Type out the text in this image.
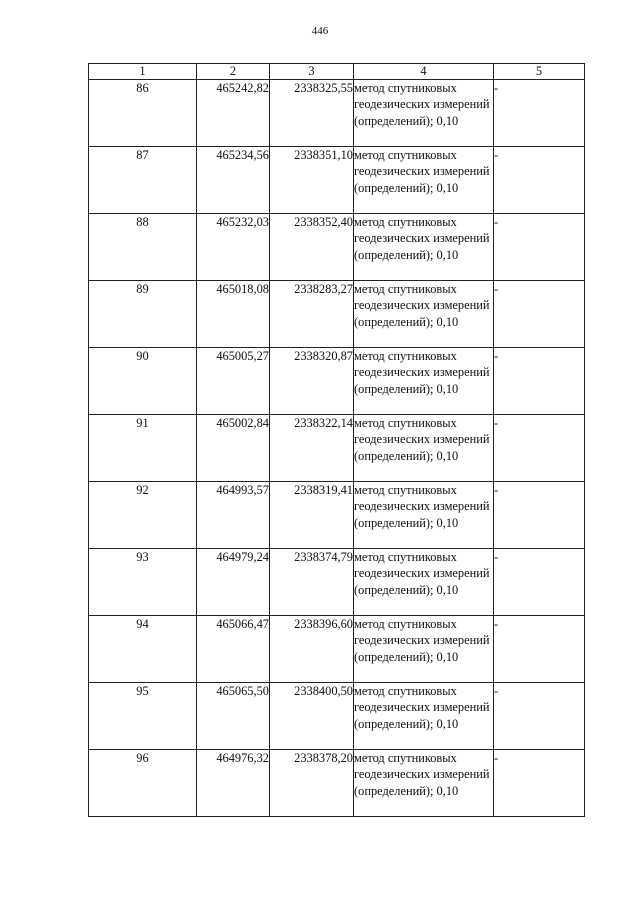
446
1	2	3	4	5
86	465242,82	2338325,55	метод спутниковых геодезических измерений (определений); 0,10	-
87	465234,56	2338351,10	метод спутниковых геодезических измерений (определений); 0,10	-
88	465232,03	2338352,40	метод спутниковых геодезических измерений (определений); 0,10	-
89	465018,08	2338283,27	метод спутниковых геодезических измерений (определений); 0,10	-
90	465005,27	2338320,87	метод спутниковых геодезических измерений (определений); 0,10	-
91	465002,84	2338322,14	метод спутниковых геодезических измерений (определений); 0,10	-
92	464993,57	2338319,41	метод спутниковых геодезических измерений (определений); 0,10	-
93	464979,24	2338374,79	метод спутниковых геодезических измерений (определений); 0,10	-
94	465066,47	2338396,60	метод спутниковых геодезических измерений (определений); 0,10	-
95	465065,50	2338400,50	метод спутниковых геодезических измерений (определений); 0,10	-
96	464976,32	2338378,20	метод спутниковых геодезических измерений (определений); 0,10	-
